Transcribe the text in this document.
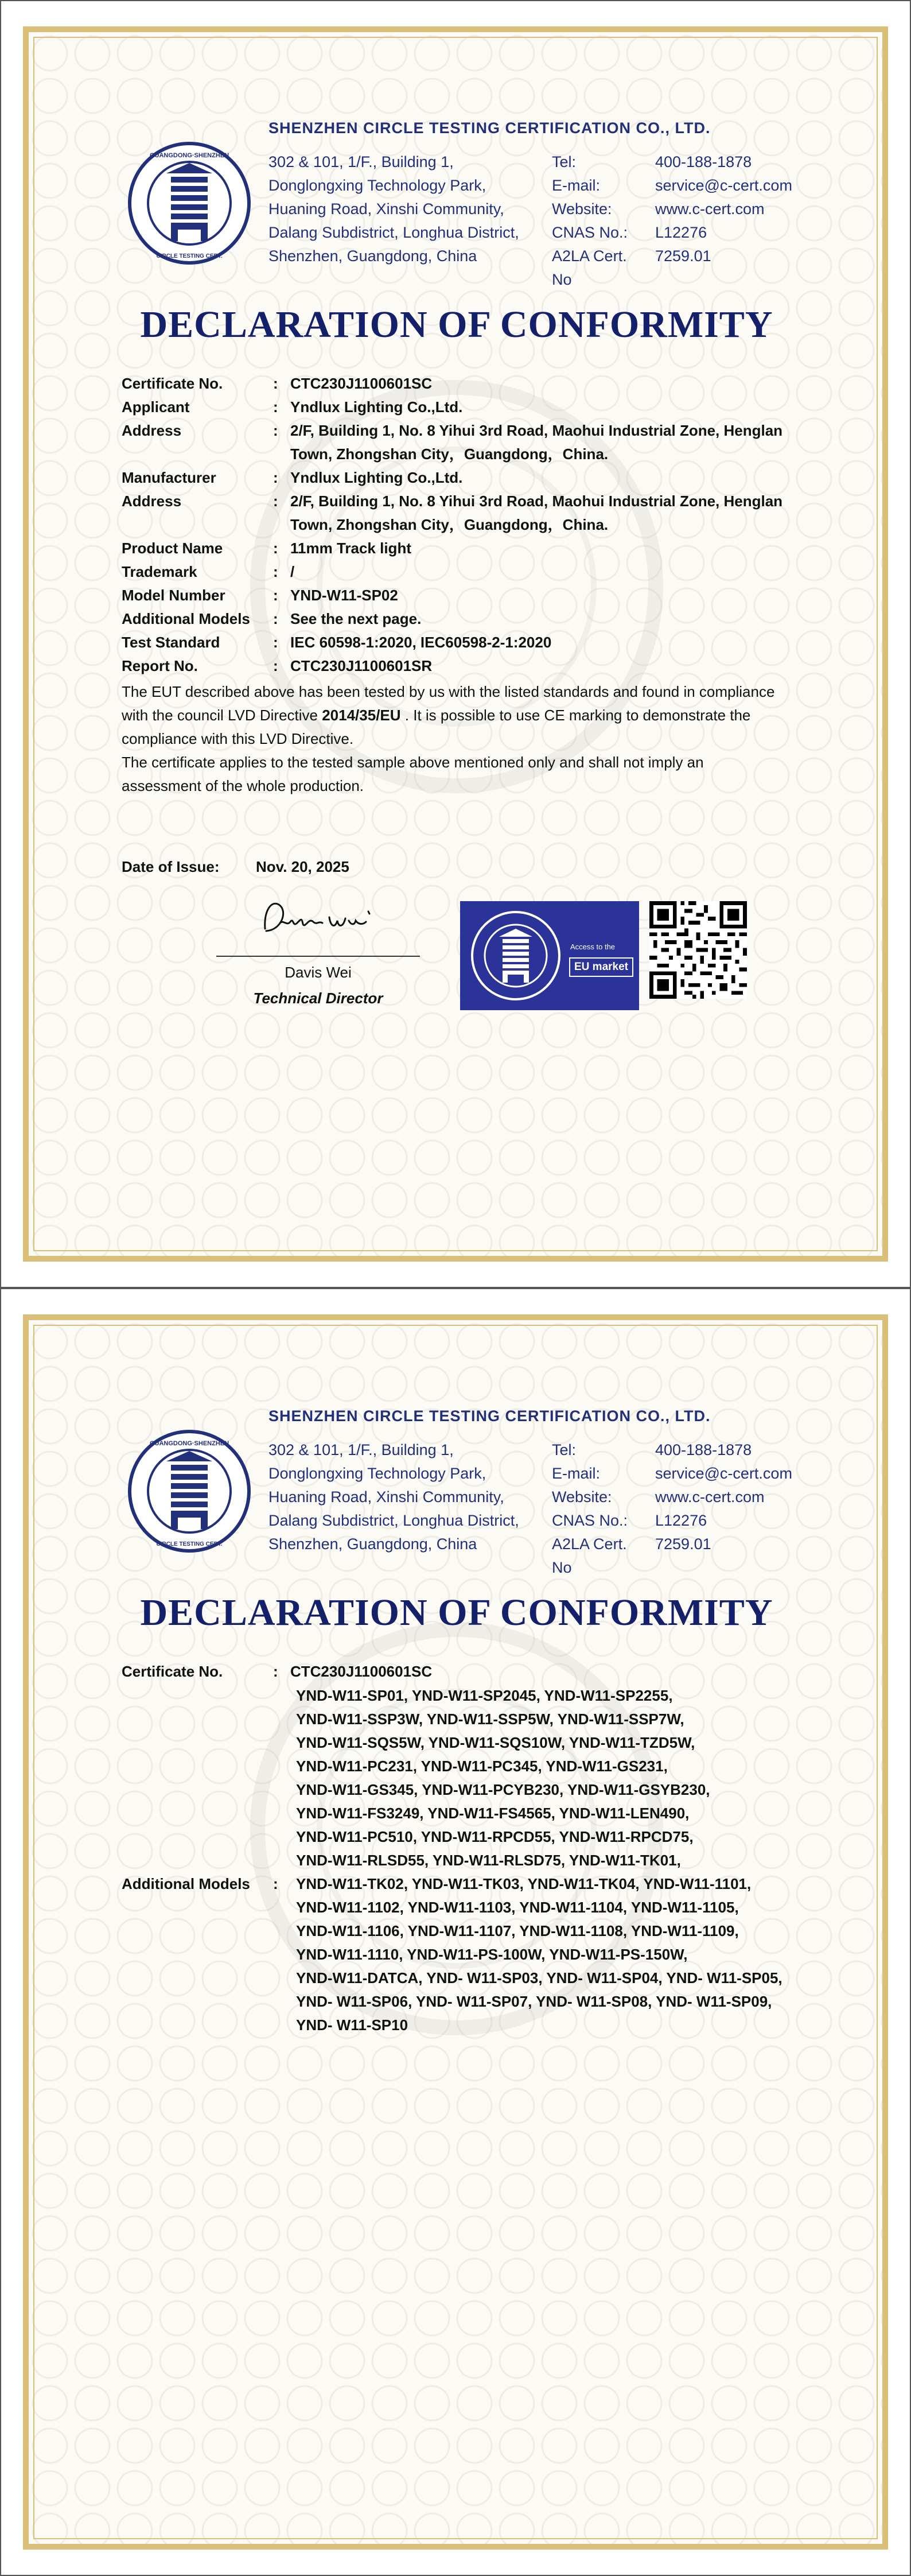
GUANGDONG·SHENZHEN
CIRCLE TESTING CERT.
SHENZHEN CIRCLE TESTING CERTIFICATION CO., LTD.
302 & 101, 1/F., Building 1,
Donglongxing Technology Park,
Huaning Road, Xinshi Community,
Dalang Subdistrict, Longhua District,
Shenzhen, Guangdong, China
Tel:	400-188-1878
E-mail:	service@c-cert.com
Website:	www.c-cert.com
CNAS No.:	L12276
A2LA Cert.	7259.01
No
DECLARATION OF CONFORMITY
Certificate No.	: CTC230J1100601SC
Applicant	: Yndlux Lighting Co.,Ltd.
Address	: 2/F, Building 1, No. 8 Yihui 3rd Road, Maohui Industrial Zone, Henglan
Town, Zhongshan City，Guangdong，China.
Manufacturer	: Yndlux Lighting Co.,Ltd.
Address	: 2/F, Building 1, No. 8 Yihui 3rd Road, Maohui Industrial Zone, Henglan
Town, Zhongshan City，Guangdong，China.
Product Name	: 11mm Track light
Trademark	: /
Model Number	: YND-W11-SP02
Additional Models	: See the next page.
Test Standard	: IEC 60598-1:2020, IEC60598-2-1:2020
Report No.	: CTC230J1100601SR
The EUT described above has been tested by us with the listed standards and found in compliance
with the council LVD Directive 2014/35/EU . It is possible to use CE marking to demonstrate the
compliance with this LVD Directive.
The certificate applies to the tested sample above mentioned only and shall not imply an
assessment of the whole production.
Date of Issue:	Nov. 20, 2025
Davis Wei
Technical Director
Access to the
EU market
GUANGDONG·SHENZHEN
CIRCLE TESTING CERT.
SHENZHEN CIRCLE TESTING CERTIFICATION CO., LTD.
302 & 101, 1/F., Building 1,
Donglongxing Technology Park,
Huaning Road, Xinshi Community,
Dalang Subdistrict, Longhua District,
Shenzhen, Guangdong, China
Tel:	400-188-1878
E-mail:	service@c-cert.com
Website:	www.c-cert.com
CNAS No.:	L12276
A2LA Cert.	7259.01
No
DECLARATION OF CONFORMITY
Certificate No.	: CTC230J1100601SC
Additional Models :
YND-W11-SP01, YND-W11-SP2045, YND-W11-SP2255,
YND-W11-SSP3W, YND-W11-SSP5W, YND-W11-SSP7W,
YND-W11-SQS5W, YND-W11-SQS10W, YND-W11-TZD5W,
YND-W11-PC231, YND-W11-PC345, YND-W11-GS231,
YND-W11-GS345, YND-W11-PCYB230, YND-W11-GSYB230,
YND-W11-FS3249, YND-W11-FS4565, YND-W11-LEN490,
YND-W11-PC510, YND-W11-RPCD55, YND-W11-RPCD75,
YND-W11-RLSD55, YND-W11-RLSD75, YND-W11-TK01,
YND-W11-TK02, YND-W11-TK03, YND-W11-TK04, YND-W11-1101,
YND-W11-1102, YND-W11-1103, YND-W11-1104, YND-W11-1105,
YND-W11-1106, YND-W11-1107, YND-W11-1108, YND-W11-1109,
YND-W11-1110, YND-W11-PS-100W, YND-W11-PS-150W,
YND-W11-DATCA, YND- W11-SP03, YND- W11-SP04, YND- W11-SP05,
YND- W11-SP06, YND- W11-SP07, YND- W11-SP08, YND- W11-SP09,
YND- W11-SP10
